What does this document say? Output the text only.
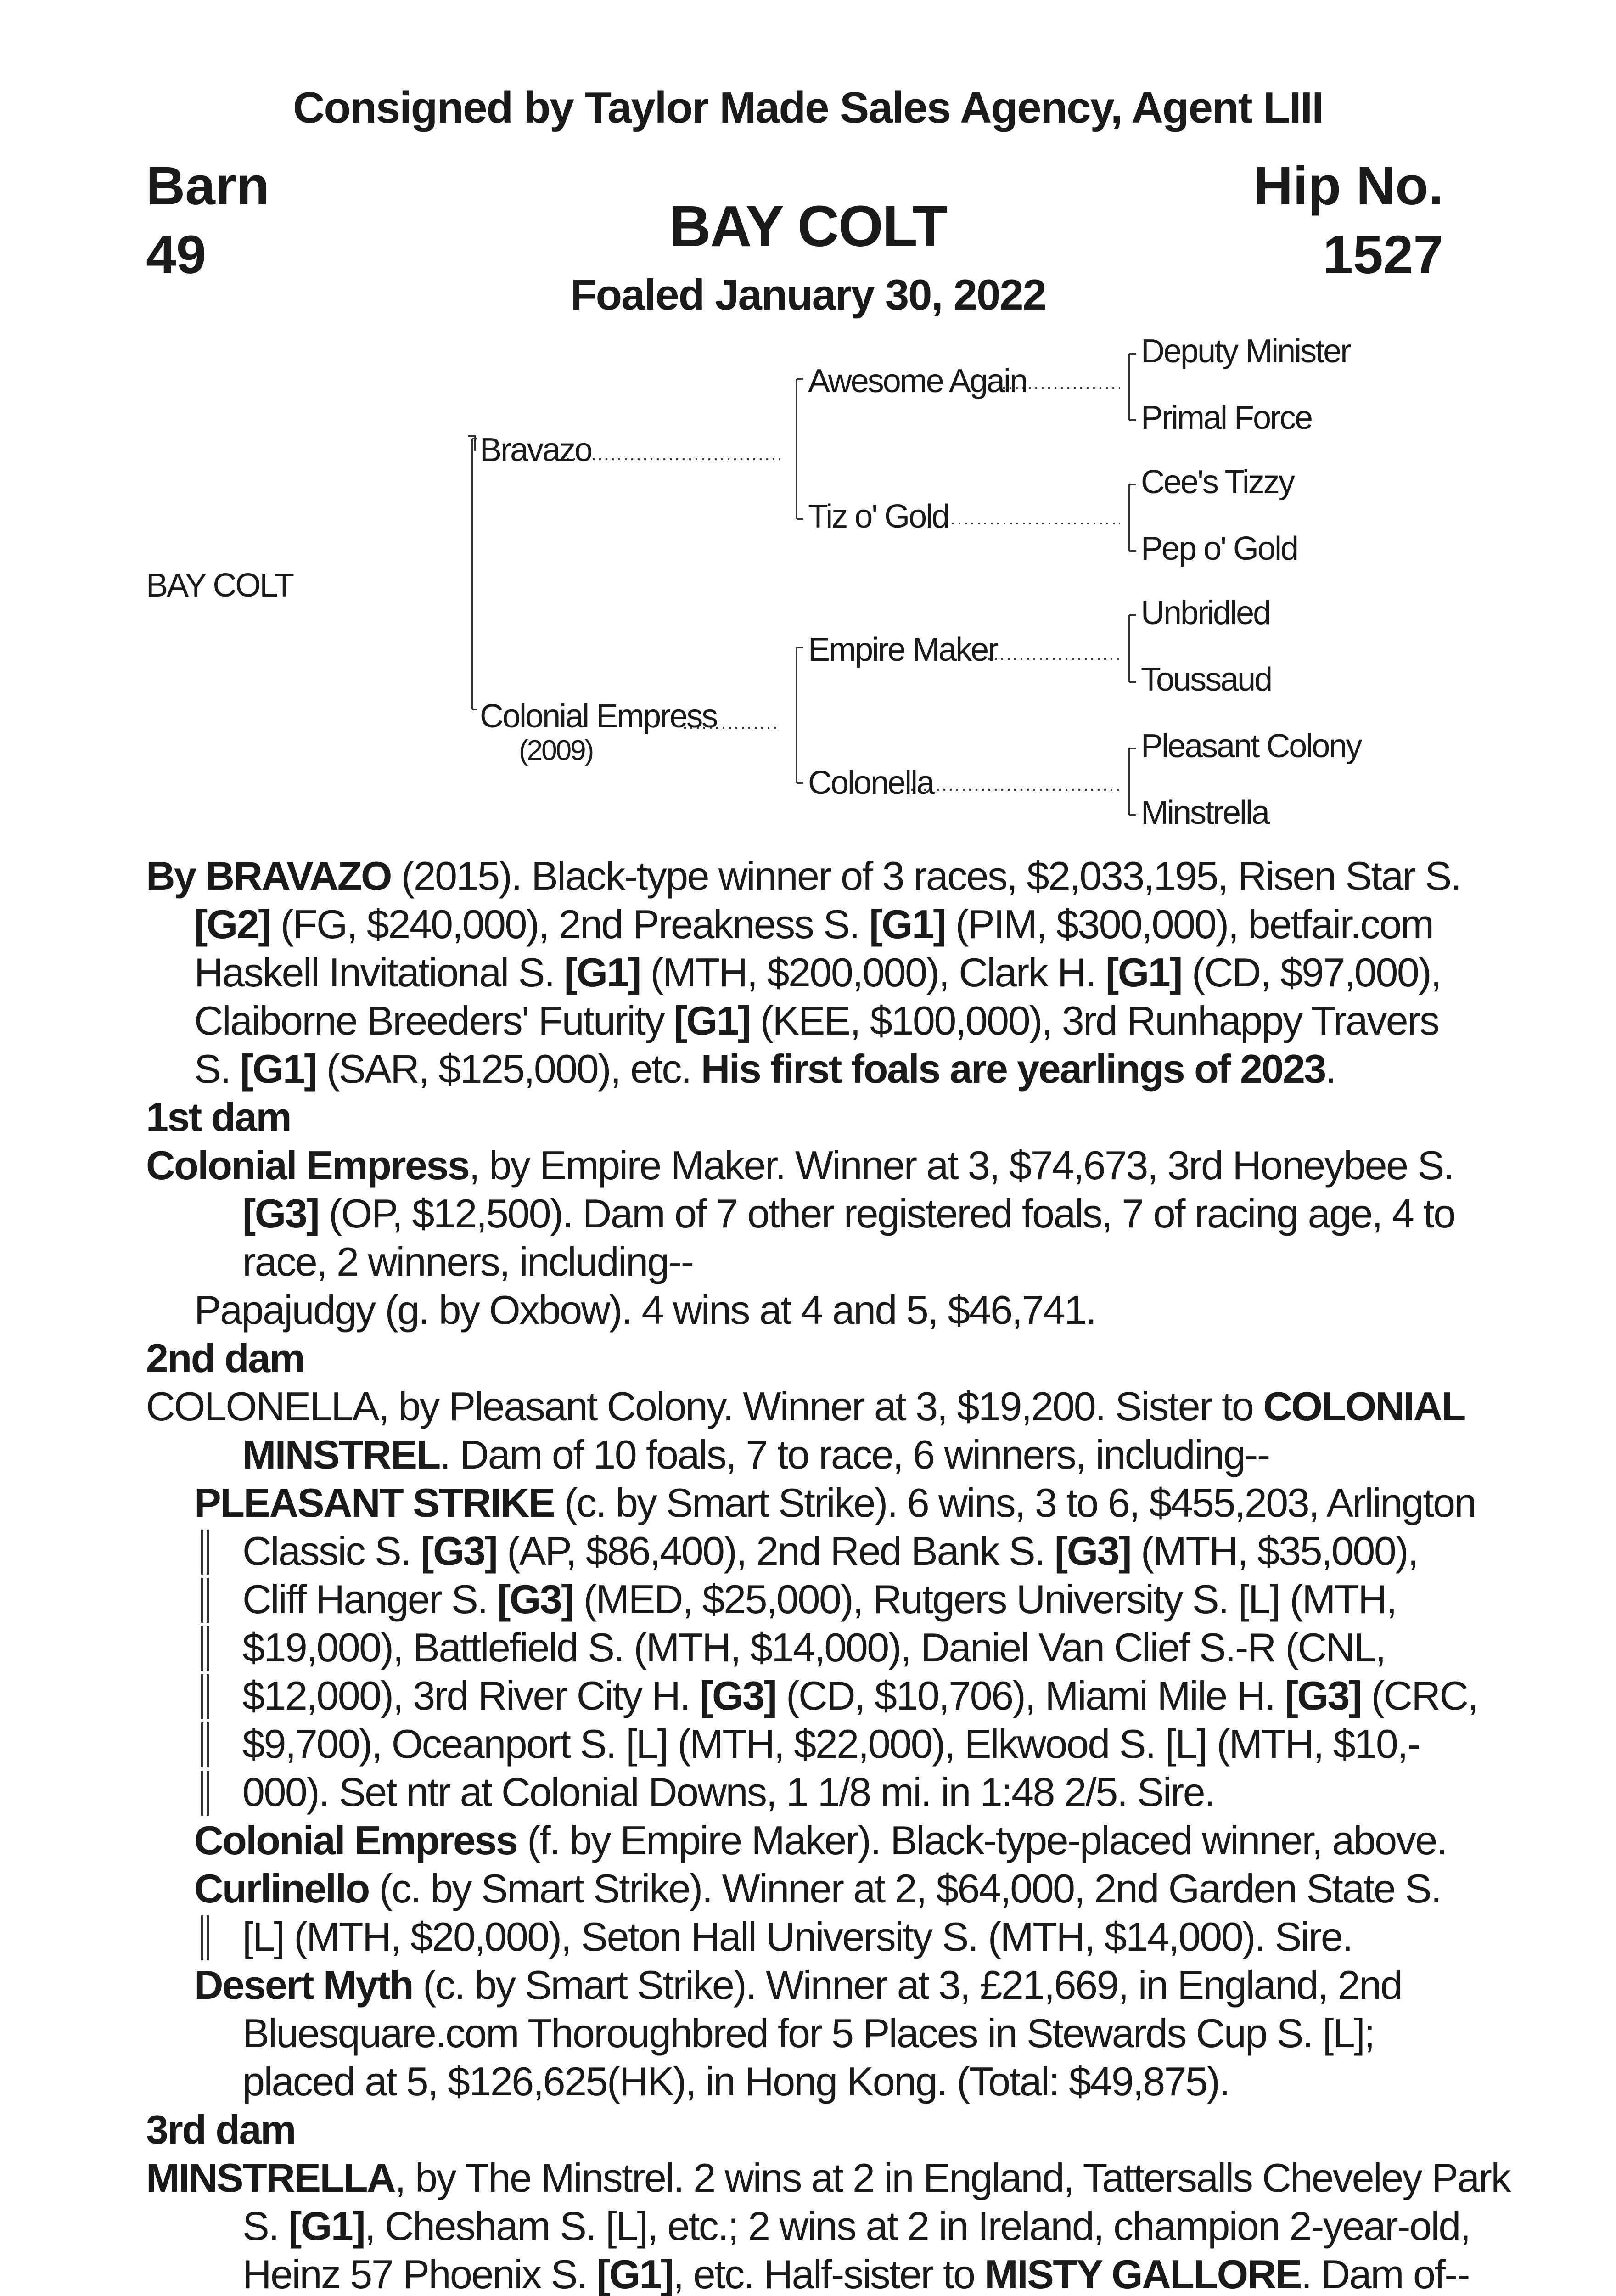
Consigned by Taylor Made Sales Agency, Agent LIII
Barn
49
Hip No.
1527
BAY COLT
Foaled January 30, 2022
BAY COLT
Bravazo
Colonial Empress
(2009)
Awesome Again
Tiz o' Gold
Empire Maker
Colonella
Deputy Minister
Primal Force
Cee's Tizzy
Pep o' Gold
Unbridled
Toussaud
Pleasant Colony
Minstrella
By BRAVAZO (2015). Black-type winner of 3 races, $2,033,195, Risen Star S.
[G2] (FG, $240,000), 2nd Preakness S. [G1] (PIM, $300,000), betfair.com
Haskell Invitational S. [G1] (MTH, $200,000), Clark H. [G1] (CD, $97,000),
Claiborne Breeders' Futurity [G1] (KEE, $100,000), 3rd Runhappy Travers
S. [G1] (SAR, $125,000), etc. His first foals are yearlings of 2023.
1st dam
Colonial Empress, by Empire Maker. Winner at 3, $74,673, 3rd Honeybee S.
[G3] (OP, $12,500). Dam of 7 other registered foals, 7 of racing age, 4 to
race, 2 winners, including--
Papajudgy (g. by Oxbow). 4 wins at 4 and 5, $46,741.
2nd dam
COLONELLA, by Pleasant Colony. Winner at 3, $19,200. Sister to COLONIAL
MINSTREL. Dam of 10 foals, 7 to race, 6 winners, including--
PLEASANT STRIKE (c. by Smart Strike). 6 wins, 3 to 6, $455,203, Arlington
Classic S. [G3] (AP, $86,400), 2nd Red Bank S. [G3] (MTH, $35,000),
Cliff Hanger S. [G3] (MED, $25,000), Rutgers University S. [L] (MTH,
$19,000), Battlefield S. (MTH, $14,000), Daniel Van Clief S.-R (CNL,
$12,000), 3rd River City H. [G3] (CD, $10,706), Miami Mile H. [G3] (CRC,
$9,700), Oceanport S. [L] (MTH, $22,000), Elkwood S. [L] (MTH, $10,-
000). Set ntr at Colonial Downs, 1 1/8 mi. in 1:48 2/5. Sire.
Colonial Empress (f. by Empire Maker). Black-type-placed winner, above.
Curlinello (c. by Smart Strike). Winner at 2, $64,000, 2nd Garden State S.
[L] (MTH, $20,000), Seton Hall University S. (MTH, $14,000). Sire.
Desert Myth (c. by Smart Strike). Winner at 3, £21,669, in England, 2nd
Bluesquare.com Thoroughbred for 5 Places in Stewards Cup S. [L];
placed at 5, $126,625(HK), in Hong Kong. (Total: $49,875).
3rd dam
MINSTRELLA, by The Minstrel. 2 wins at 2 in England, Tattersalls Cheveley Park
S. [G1], Chesham S. [L], etc.; 2 wins at 2 in Ireland, champion 2-year-old,
Heinz 57 Phoenix S. [G1], etc. Half-sister to MISTY GALLORE. Dam of--
